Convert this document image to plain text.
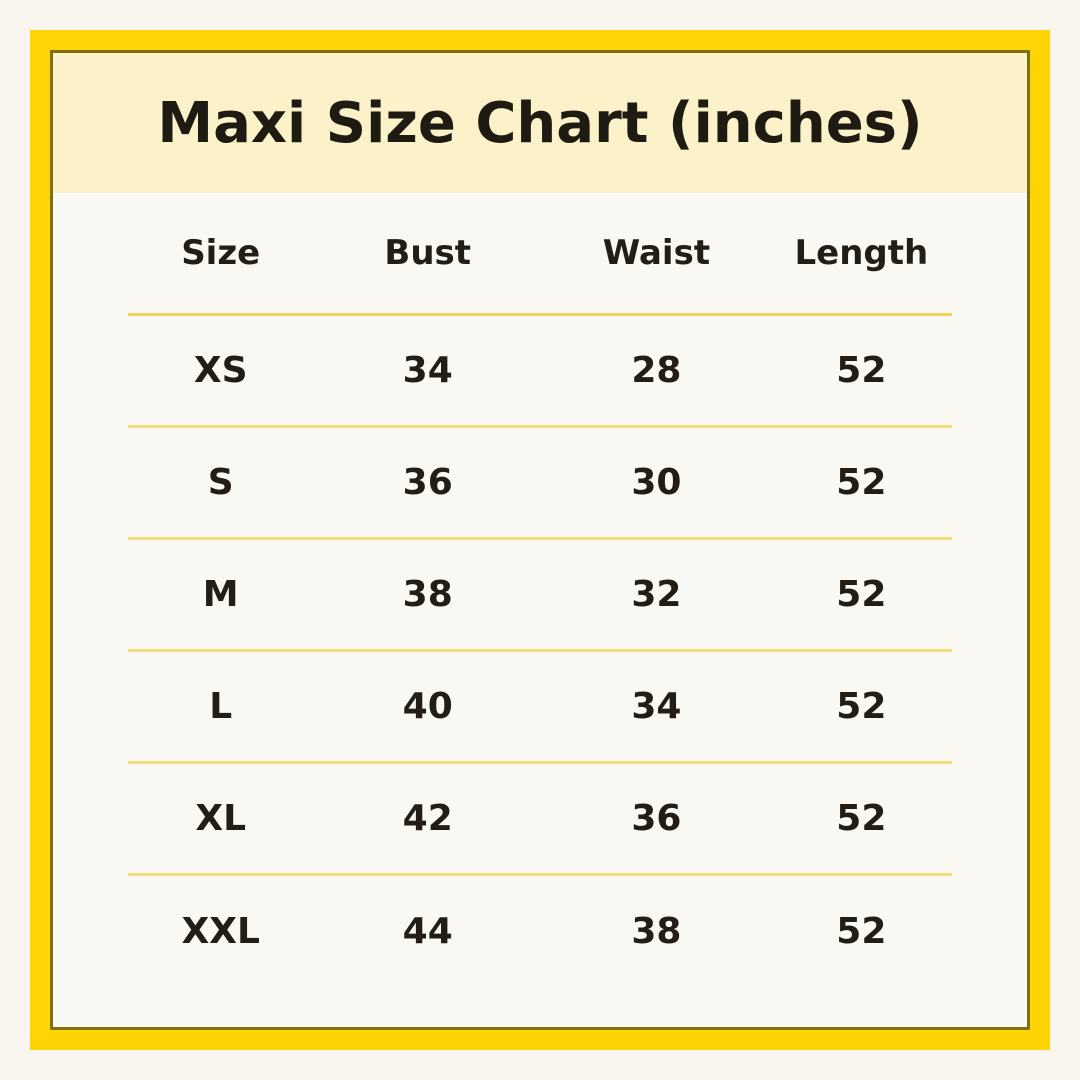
Maxi Size Chart (inches)
Size	Bust	Waist	Length
XS	34	28	52
S	36	30	52
M	38	32	52
L	40	34	52
XL	42	36	52
XXL	44	38	52
